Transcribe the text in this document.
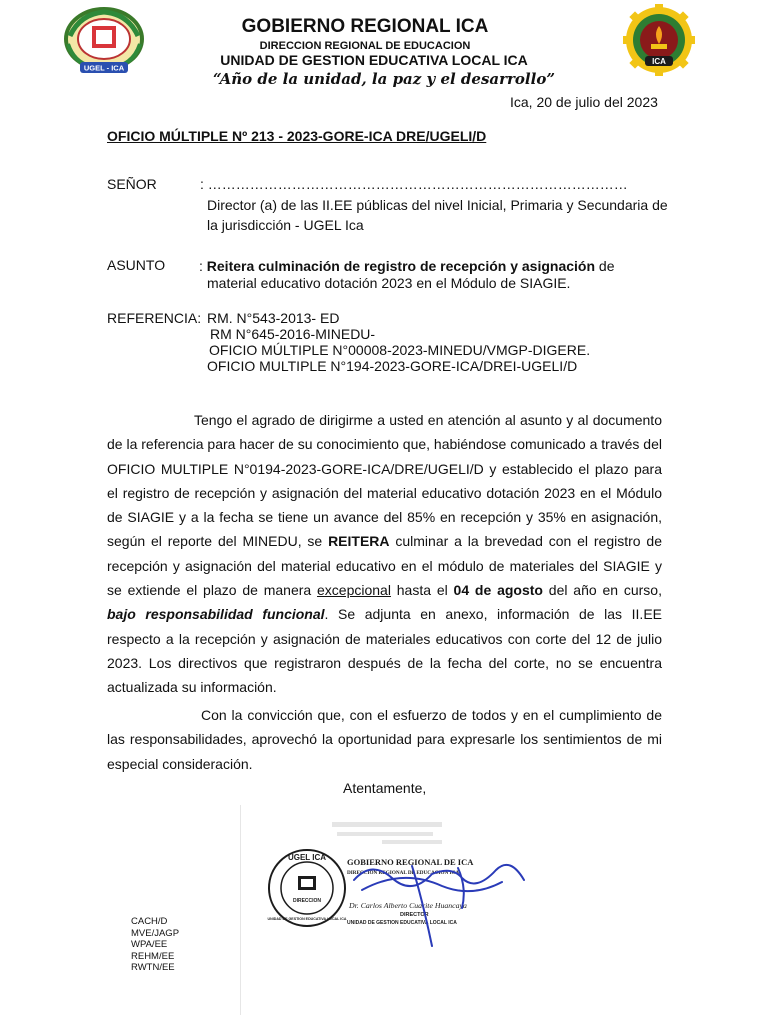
UGEL - ICA
ICA
GOBIERNO REGIONAL ICA
DIRECCION REGIONAL DE EDUCACION
UNIDAD DE GESTION EDUCATIVA LOCAL ICA
“Año de la unidad, la paz y el desarrollo”
Ica, 20 de julio del 2023
OFICIO MÚLTIPLE Nº 213 - 2023-GORE-ICA DRE/UGELI/D
SEÑOR	: ………………………………………………………………………………
Director (a) de las II.EE públicas del nivel Inicial, Primaria y Secundaria de
la jurisdicción - UGEL Ica
ASUNTO : Reitera culminación de registro de recepción y asignación de
material educativo dotación 2023 en el Módulo de SIAGIE.
REFERENCIA: RM. N°543-2013- ED
RM N°645-2016-MINEDU-
OFICIO MÚLTIPLE N°00008-2023-MINEDU/VMGP-DIGERE.
OFICIO MULTIPLE N°194-2023-GORE-ICA/DREI-UGELI/D
Tengo el agrado de dirigirme a usted en atención al asunto y al documento de la referencia para hacer de su conocimiento que, habiéndose comunicado a través del OFICIO MULTIPLE N°0194-2023-GORE-ICA/DRE/UGELI/D y establecido el plazo para el registro de recepción y asignación del material educativo dotación 2023 en el Módulo de SIAGIE y a la fecha se tiene un avance del 85% en recepción y 35% en asignación, según el reporte del MINEDU, se REITERA culminar a la brevedad con el registro de recepción y asignación del material educativo en el módulo de materiales del SIAGIE y se extiende el plazo de manera excepcional hasta el 04 de agosto del año en curso, bajo responsabilidad funcional. Se adjunta en anexo, información de las II.EE respecto a la recepción y asignación de materiales educativos con corte del 12 de julio 2023. Los directivos que registraron después de la fecha del corte, no se encuentra actualizada su información.
Con la convicción que, con el esfuerzo de todos y en el cumplimiento de las responsabilidades, aprovechó la oportunidad para expresarle los sentimientos de mi especial consideración.
Atentamente,
UGEL ICA
DIRECCION
UNIDAD DE GESTION EDUCATIVA LOCAL ICA
GOBIERNO REGIONAL DE ICA
DIRECCION REGIONAL DE EDUCACION ICA
Dr. Carlos Alberto Cuarite Huancaya
DIRECTOR
UNIDAD DE GESTION EDUCATIVA LOCAL ICA
CACH/D
MVE/JAGP
WPA/EE
REHM/EE
RWTN/EE
